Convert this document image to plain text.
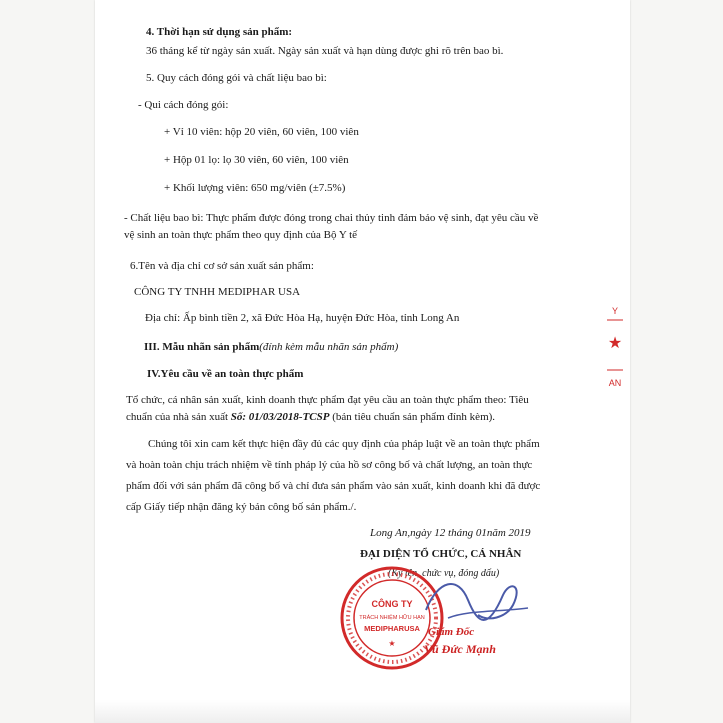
4. Thời hạn sử dụng sản phẩm:
36 tháng kể từ ngày sản xuất. Ngày sản xuất và hạn dùng được ghi rõ trên bao bì.
5. Quy cách đóng gói và chất liệu bao bì:
- Qui cách đóng gói:
+ Vỉ 10 viên: hộp 20 viên, 60 viên, 100 viên
+ Hộp 01 lọ: lọ 30 viên, 60 viên, 100 viên
+ Khối lượng viên: 650 mg/viên (±7.5%)
- Chất liệu bao bì: Thực phẩm được đóng trong chai thủy tinh đảm bảo vệ sinh, đạt yêu cầu về
vệ sinh an toàn thực phẩm theo quy định của Bộ Y tế
6.Tên và địa chỉ cơ sở sản xuất sản phẩm:
CÔNG TY TNHH MEDIPHAR USA
Địa chỉ: Ấp bình tiền 2, xã Đức Hòa Hạ, huyện Đức Hòa, tỉnh Long An
III. Mẫu nhãn sản phẩm(đính kèm mẫu nhãn sản phẩm)
IV.Yêu cầu về an toàn thực phẩm
Tổ chức, cá nhân sản xuất, kinh doanh thực phẩm đạt yêu cầu an toàn thực phẩm theo: Tiêu
chuẩn của nhà sản xuất Số: 01/03/2018-TCSP (bản tiêu chuẩn sản phẩm đính kèm).
Chúng tôi xin cam kết thực hiện đầy đủ các quy định của pháp luật về an toàn thực phẩm
và hoàn toàn chịu trách nhiệm về tính pháp lý của hồ sơ công bố và chất lượng, an toàn thực
phẩm đối với sản phẩm đã công bố và chỉ đưa sản phẩm vào sản xuất, kinh doanh khi đã được
cấp Giấy tiếp nhận đăng ký bản công bố sản phẩm./.
Long An,ngày 12 tháng 01năm 2019
ĐẠI DIỆN TỔ CHỨC, CÁ NHÂN
(Ký tên, chức vụ, đóng dấu)
CÔNG TY
TRÁCH NHIỆM HỮU HẠN
MEDIPHARUSA
★
Giám Đốc
Vũ Đức Mạnh
Y
★
AN
